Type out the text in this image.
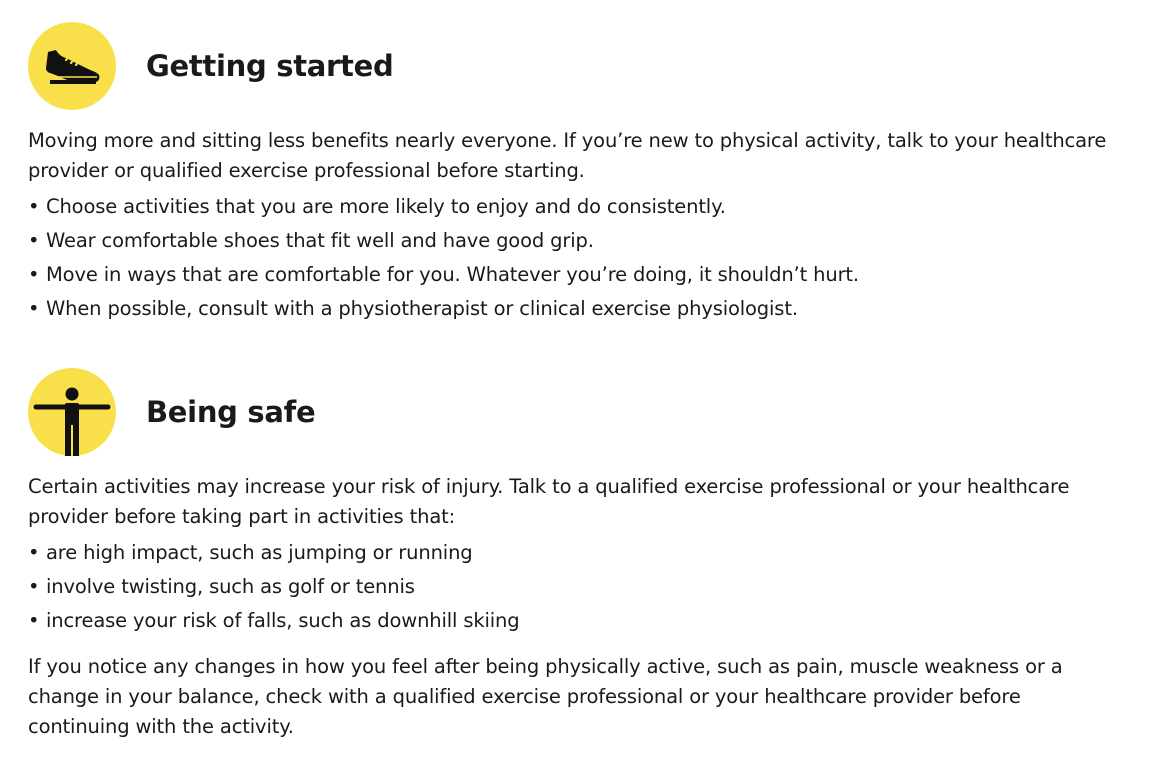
Getting started

Moving more and sitting less benefits nearly everyone. If you’re new to physical activity, talk to your healthcare provider or qualified exercise professional before starting.

• Choose activities that you are more likely to enjoy and do consistently.
• Wear comfortable shoes that fit well and have good grip.
• Move in ways that are comfortable for you. Whatever you’re doing, it shouldn’t hurt.
• When possible, consult with a physiotherapist or clinical exercise physiologist.
Being safe

Certain activities may increase your risk of injury. Talk to a qualified exercise professional or your healthcare provider before taking part in activities that:

• are high impact, such as jumping or running
• involve twisting, such as golf or tennis
• increase your risk of falls, such as downhill skiing

If you notice any changes in how you feel after being physically active, such as pain, muscle weakness or a change in your balance, check with a qualified exercise professional or your healthcare provider before continuing with the activity.
